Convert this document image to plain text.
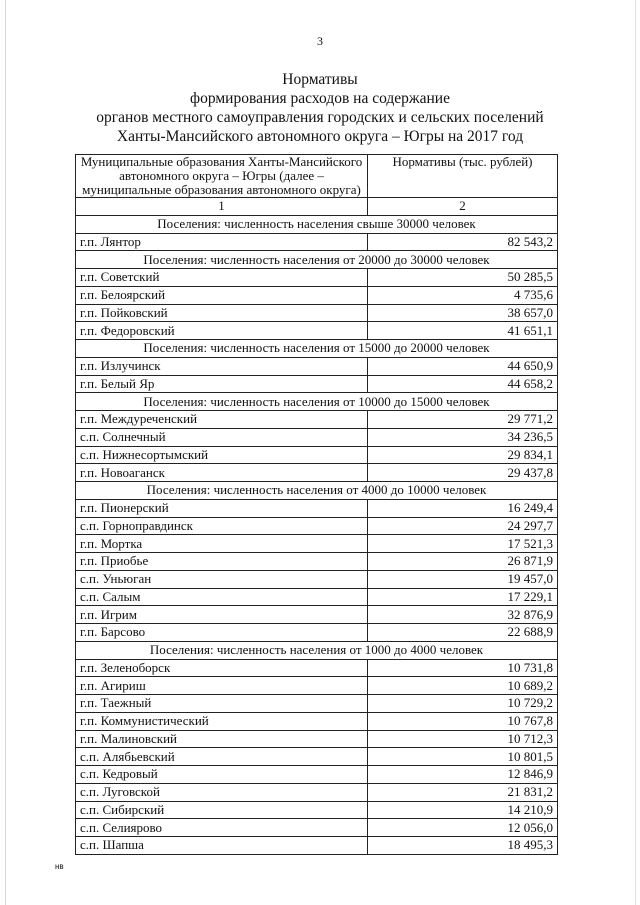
3
Нормативы
формирования расходов на содержание
органов местного самоуправления городских и сельских поселений
Ханты-Мансийского автономного округа – Югры на 2017 год
Муниципальные образования Ханты-Мансийского автономного округа – Югры (далее – муниципальные образования автономного округа)	Нормативы (тыс. рублей)
1	2
Поселения: численность населения свыше 30000 человек	
г.п. Лянтор	82 543,2
Поселения: численность населения от 20000 до 30000 человек	
г.п. Советский	50 285,5
г.п. Белоярский	4 735,6
г.п. Пойковский	38 657,0
г.п. Федоровский	41 651,1
Поселения: численность населения от 15000 до 20000 человек	
г.п. Излучинск	44 650,9
г.п. Белый Яр	44 658,2
Поселения: численность населения от 10000 до 15000 человек	
г.п. Междуреченский	29 771,2
с.п. Солнечный	34 236,5
с.п. Нижнесортымский	29 834,1
г.п. Новоаганск	29 437,8
Поселения: численность населения от 4000 до 10000 человек	
г.п. Пионерский	16 249,4
с.п. Горноправдинск	24 297,7
г.п. Мортка	17 521,3
г.п. Приобье	26 871,9
с.п. Уньюган	19 457,0
с.п. Салым	17 229,1
г.п. Игрим	32 876,9
г.п. Барсово	22 688,9
Поселения: численность населения от 1000 до 4000 человек	
г.п. Зеленоборск	10 731,8
г.п. Агириш	10 689,2
г.п. Таежный	10 729,2
г.п. Коммунистический	10 767,8
г.п. Малиновский	10 712,3
с.п. Алябьевский	10 801,5
с.п. Кедровый	12 846,9
с.п. Луговской	21 831,2
с.п. Сибирский	14 210,9
с.п. Селиярово	12 056,0
с.п. Шапша	18 495,3
нв
